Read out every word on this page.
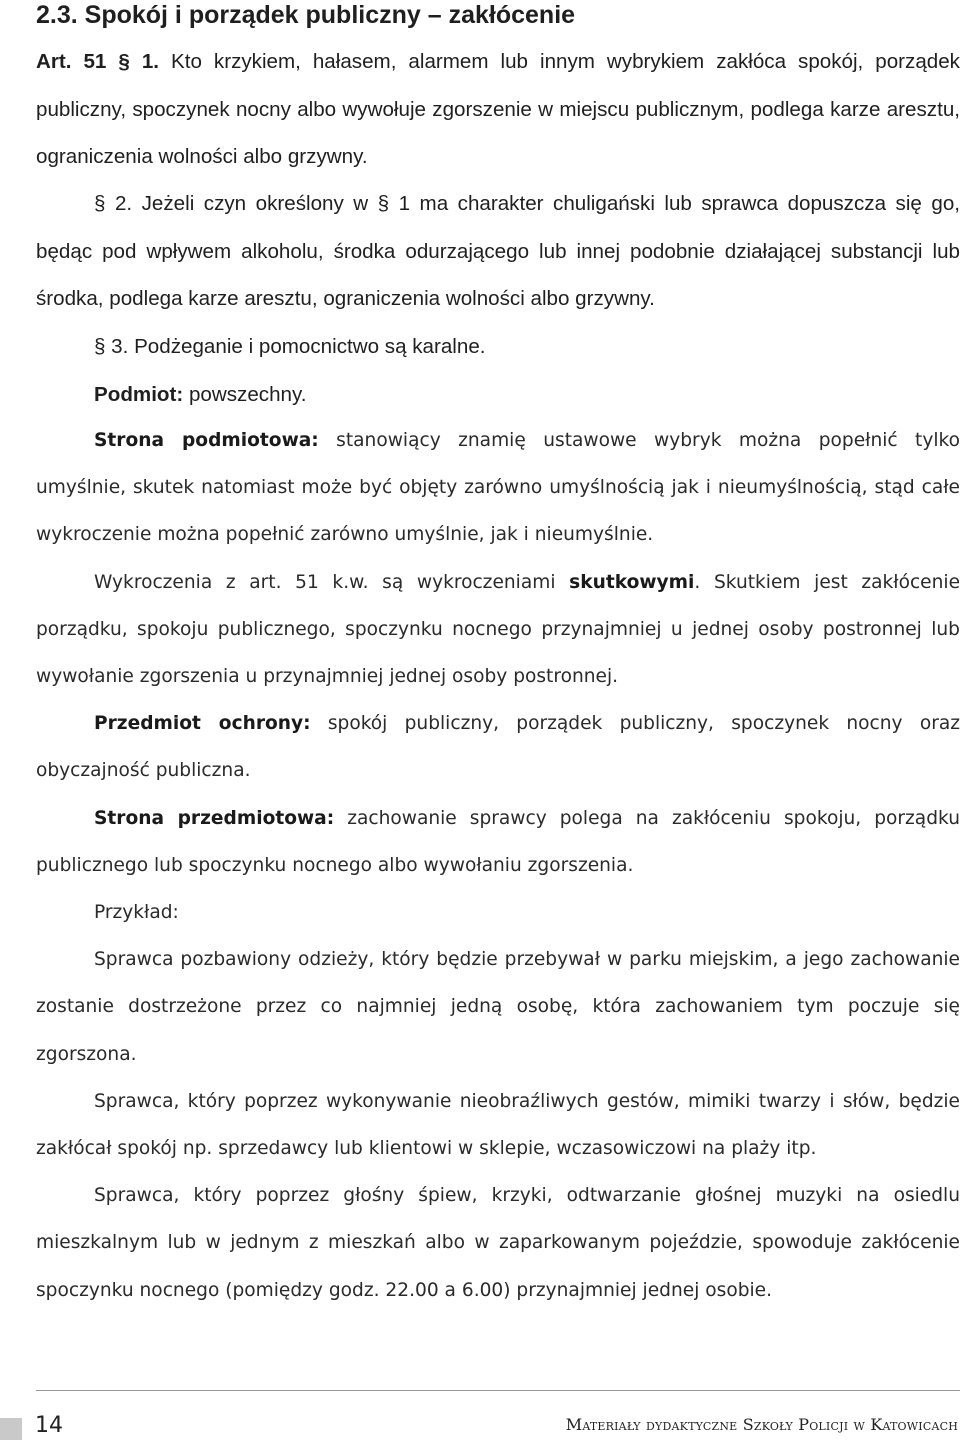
2.3. Spokój i porządek publiczny – zakłócenie

Art. 51 § 1. Kto krzykiem, hałasem, alarmem lub innym wybrykiem zakłóca spokój, porządek publiczny, spoczynek nocny albo wywołuje zgorszenie w miejscu publicznym, podlega karze aresztu, ograniczenia wolności albo grzywny.

§ 2. Jeżeli czyn określony w § 1 ma charakter chuligański lub sprawca dopuszcza się go, będąc pod wpływem alkoholu, środka odurzającego lub innej podobnie działającej substancji lub środka, podlega karze aresztu, ograniczenia wolności albo grzywny.

§ 3. Podżeganie i pomocnictwo są karalne.

Podmiot: powszechny.

Strona podmiotowa: stanowiący znamię ustawowe wybryk można popełnić tylko umyślnie, skutek natomiast może być objęty zarówno umyślnością jak i nieumyślnością, stąd całe wykroczenie można popełnić zarówno umyślnie, jak i nieumyślnie.

Wykroczenia z art. 51 k.w. są wykroczeniami skutkowymi. Skutkiem jest zakłócenie porządku, spokoju publicznego, spoczynku nocnego przynajmniej u jednej osoby postronnej lub wywołanie zgorszenia u przynajmniej jednej osoby postronnej.

Przedmiot ochrony: spokój publiczny, porządek publiczny, spoczynek nocny oraz obyczajność publiczna.

Strona przedmiotowa: zachowanie sprawcy polega na zakłóceniu spokoju, porządku publicznego lub spoczynku nocnego albo wywołaniu zgorszenia.

Przykład:

Sprawca pozbawiony odzieży, który będzie przebywał w parku miejskim, a jego zachowanie zostanie dostrzeżone przez co najmniej jedną osobę, która zachowaniem tym poczuje się zgorszona.

Sprawca, który poprzez wykonywanie nieobraźliwych gestów, mimiki twarzy i słów, będzie zakłócał spokój np. sprzedawcy lub klientowi w sklepie, wczasowiczowi na plaży itp.

Sprawca, który poprzez głośny śpiew, krzyki, odtwarzanie głośnej muzyki na osiedlu mieszkalnym lub w jednym z mieszkań albo w zaparkowanym pojeździe, spowoduje zakłócenie spoczynku nocnego (pomiędzy godz. 22.00 a 6.00) przynajmniej jednej osobie.

14	Materiały dydaktyczne Szkoły Policji w Katowicach
